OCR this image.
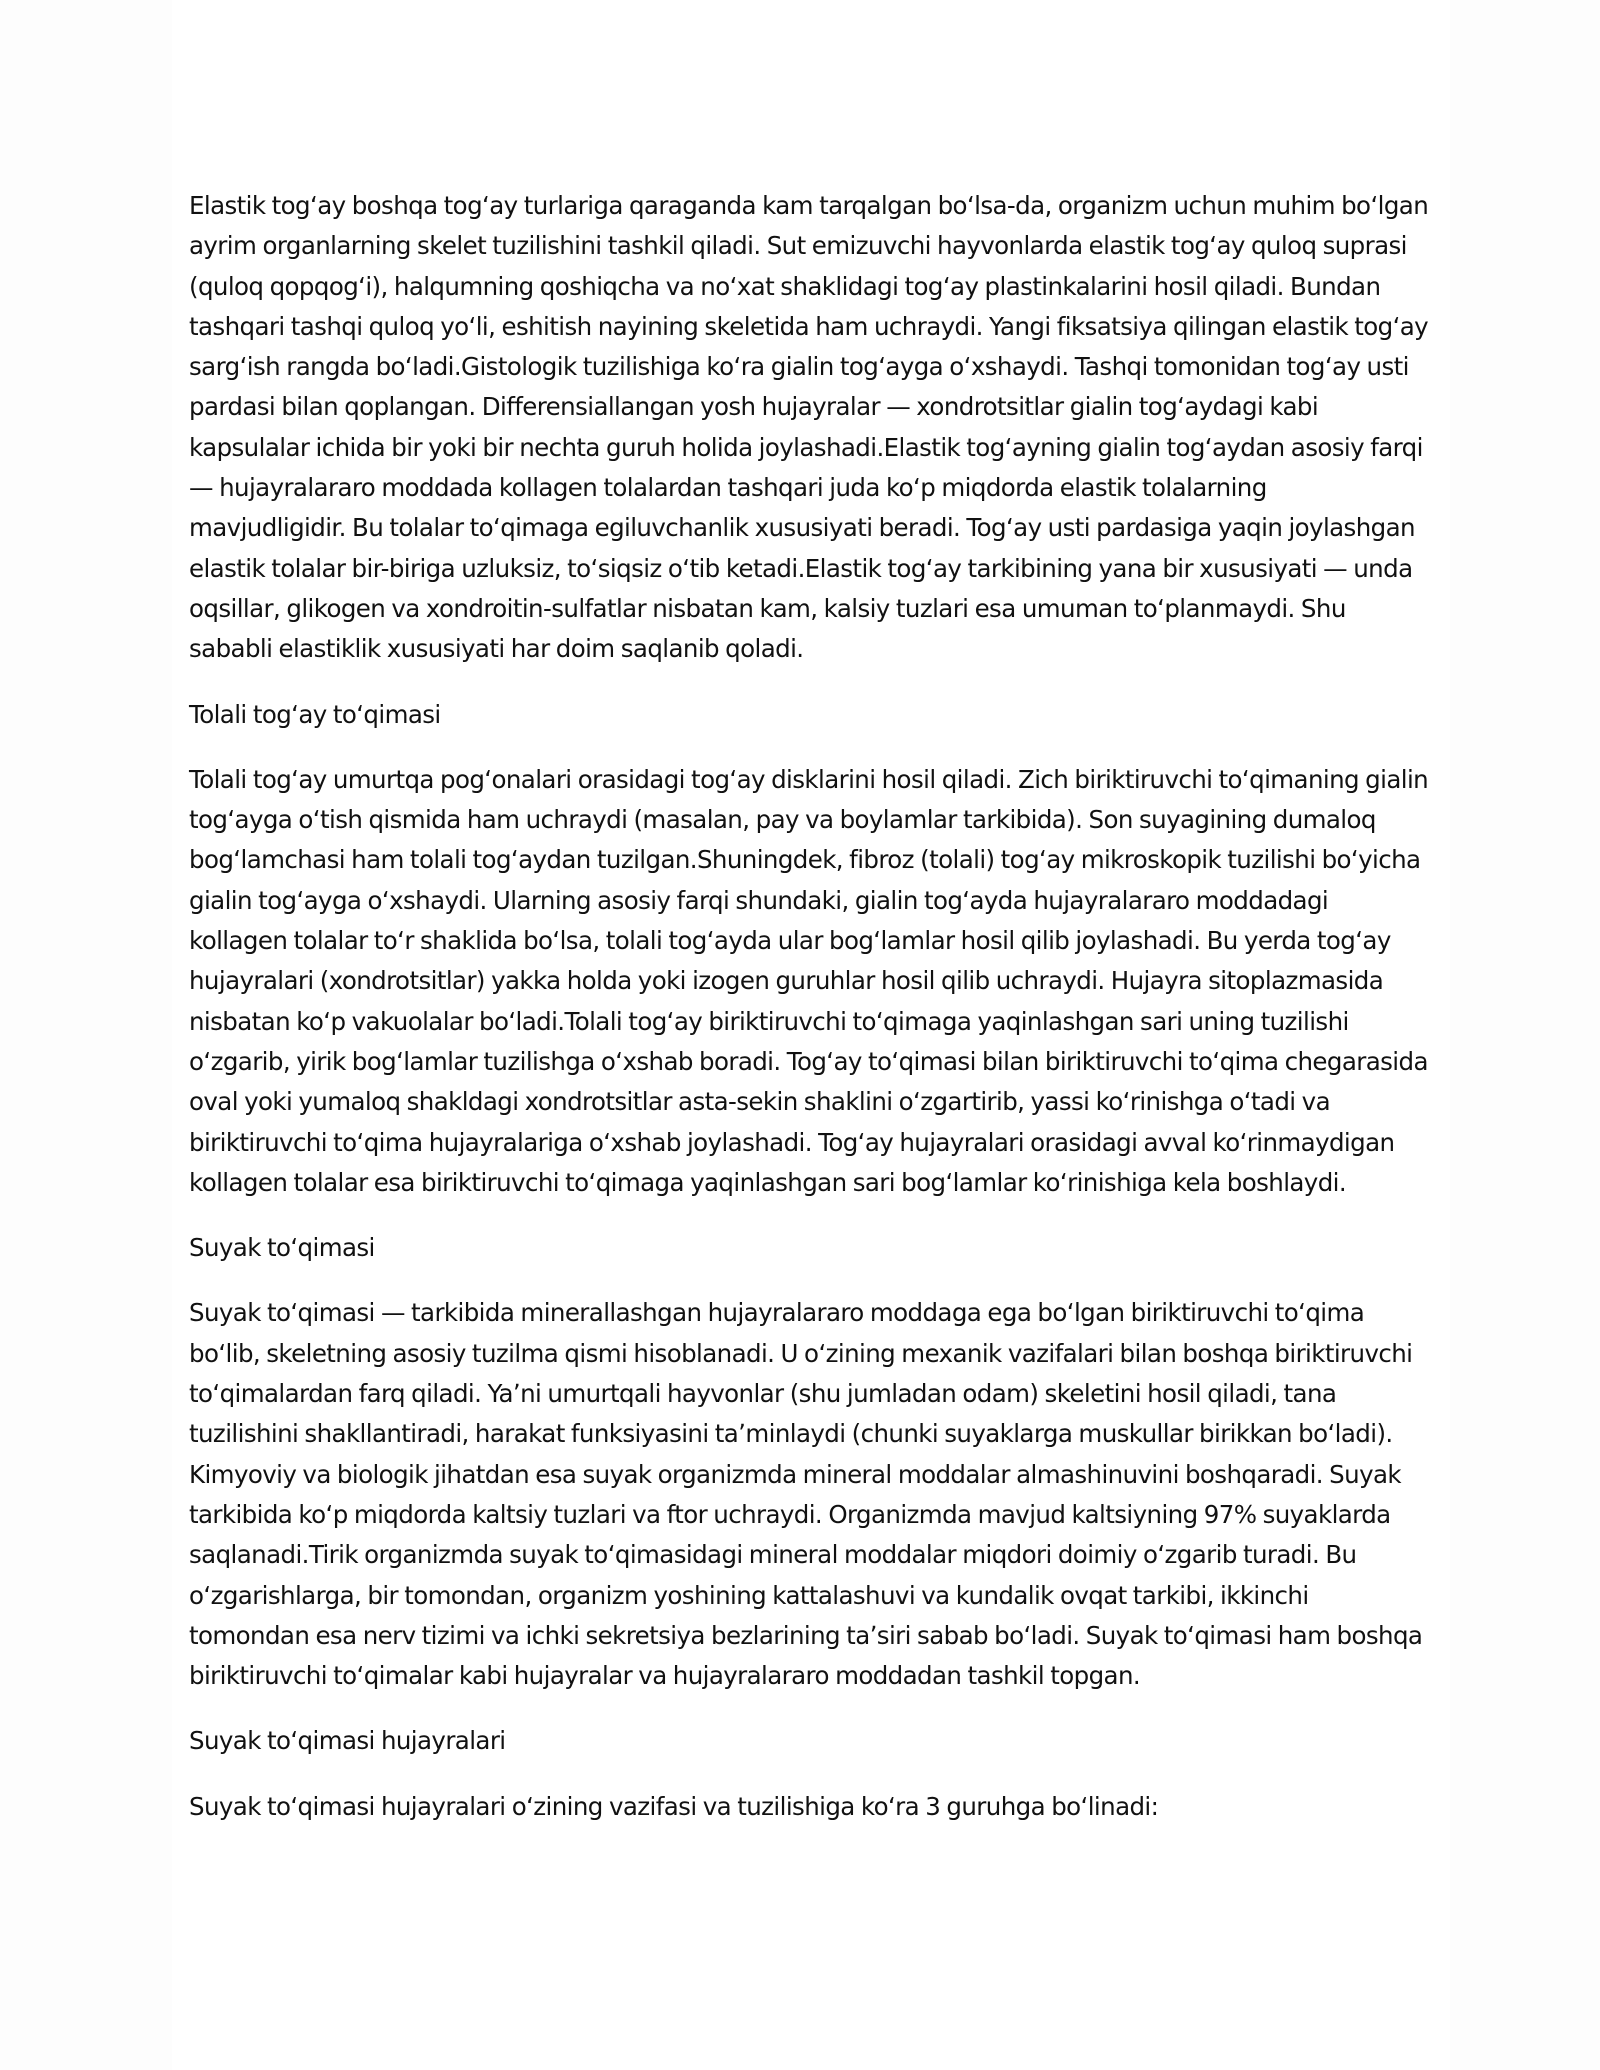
Elastik togʻay boshqa togʻay turlariga qaraganda kam tarqalgan boʻlsa-da, organizm uchun muhim boʻlgan ayrim organlarning skelet tuzilishini tashkil qiladi. Sut emizuvchi hayvonlarda elastik togʻay quloq suprasi (quloq qopqogʻi), halqumning qoshiqcha va noʻxat shaklidagi togʻay plastinkalarini hosil qiladi. Bundan tashqari tashqi quloq yoʻli, eshitish nayining skeletida ham uchraydi. Yangi fiksatsiya qilingan elastik togʻay sargʻish rangda boʻladi.Gistologik tuzilishiga koʻra gialin togʻayga oʻxshaydi. Tashqi tomonidan togʻay usti pardasi bilan qoplangan. Differensiallangan yosh hujayralar — xondrotsitlar gialin togʻaydagi kabi kapsulalar ichida bir yoki bir nechta guruh holida joylashadi.Elastik togʻayning gialin togʻaydan asosiy farqi — hujayralararo moddada kollagen tolalardan tashqari juda koʻp miqdorda elastik tolalarning mavjudligidir. Bu tolalar toʻqimaga egiluvchanlik xususiyati beradi. Togʻay usti pardasiga yaqin joylashgan elastik tolalar bir-biriga uzluksiz, toʻsiqsiz oʻtib ketadi.Elastik togʻay tarkibining yana bir xususiyati — unda oqsillar, glikogen va xondroitin-sulfatlar nisbatan kam, kalsiy tuzlari esa umuman toʻplanmaydi. Shu sababli elastiklik xususiyati har doim saqlanib qoladi.

Tolali togʻay toʻqimasi

Tolali togʻay umurtqa pogʻonalari orasidagi togʻay disklarini hosil qiladi. Zich biriktiruvchi toʻqimaning gialin togʻayga oʻtish qismida ham uchraydi (masalan, pay va boylamlar tarkibida). Son suyagining dumaloq bogʻlamchasi ham tolali togʻaydan tuzilgan.Shuningdek, fibroz (tolali) togʻay mikroskopik tuzilishi boʻyicha gialin togʻayga oʻxshaydi. Ularning asosiy farqi shundaki, gialin togʻayda hujayralararo moddadagi kollagen tolalar toʻr shaklida boʻlsa, tolali togʻayda ular bogʻlamlar hosil qilib joylashadi. Bu yerda togʻay hujayralari (xondrotsitlar) yakka holda yoki izogen guruhlar hosil qilib uchraydi. Hujayra sitoplazmasida nisbatan koʻp vakuolalar boʻladi.Tolali togʻay biriktiruvchi toʻqimaga yaqinlashgan sari uning tuzilishi oʻzgarib, yirik bogʻlamlar tuzilishga oʻxshab boradi. Togʻay toʻqimasi bilan biriktiruvchi toʻqima chegarasida oval yoki yumaloq shakldagi xondrotsitlar asta-sekin shaklini oʻzgartirib, yassi koʻrinishga oʻtadi va biriktiruvchi toʻqima hujayralariga oʻxshab joylashadi. Togʻay hujayralari orasidagi avval koʻrinmaydigan kollagen tolalar esa biriktiruvchi toʻqimaga yaqinlashgan sari bogʻlamlar koʻrinishiga kela boshlaydi.

Suyak toʻqimasi

Suyak toʻqimasi — tarkibida minerallashgan hujayralararo moddaga ega boʻlgan biriktiruvchi toʻqima boʻlib, skeletning asosiy tuzilma qismi hisoblanadi. U oʻzining mexanik vazifalari bilan boshqa biriktiruvchi toʻqimalardan farq qiladi. Yaʼni umurtqali hayvonlar (shu jumladan odam) skeletini hosil qiladi, tana tuzilishini shakllantiradi, harakat funksiyasini taʼminlaydi (chunki suyaklarga muskullar birikkan boʻladi). Kimyoviy va biologik jihatdan esa suyak organizmda mineral moddalar almashinuvini boshqaradi. Suyak tarkibida koʻp miqdorda kaltsiy tuzlari va ftor uchraydi. Organizmda mavjud kaltsiyning 97% suyaklarda saqlanadi.Tirik organizmda suyak toʻqimasidagi mineral moddalar miqdori doimiy oʻzgarib turadi. Bu oʻzgarishlarga, bir tomondan, organizm yoshining kattalashuvi va kundalik ovqat tarkibi, ikkinchi tomondan esa nerv tizimi va ichki sekretsiya bezlarining taʼsiri sabab boʻladi. Suyak toʻqimasi ham boshqa biriktiruvchi toʻqimalar kabi hujayralar va hujayralararo moddadan tashkil topgan.

Suyak toʻqimasi hujayralari

Suyak toʻqimasi hujayralari oʻzining vazifasi va tuzilishiga koʻra 3 guruhga boʻlinadi:
